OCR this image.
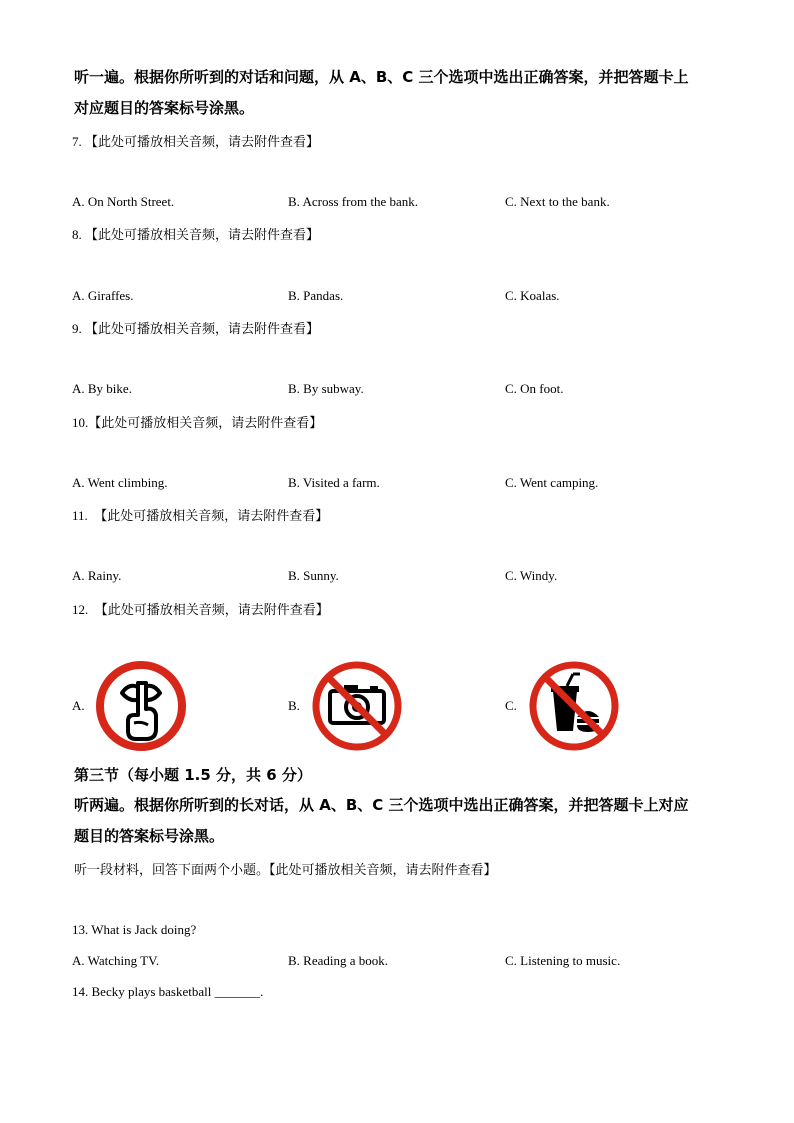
听一遍。根据你所听到的对话和问题，从 A、B、C 三个选项中选出正确答案，并把答题卡上
对应题目的答案标号涂黑。
7. 【此处可播放相关音频，请去附件查看】
A. On North Street.	B. Across from the bank.	C. Next to the bank.
8. 【此处可播放相关音频，请去附件查看】
A. Giraffes.	B. Pandas.	C. Koalas.
9. 【此处可播放相关音频，请去附件查看】
A. By bike.	B. By subway.	C. On foot.
10.【此处可播放相关音频，请去附件查看】
A. Went climbing.	B. Visited a farm.	C. Went camping.
11. 【此处可播放相关音频，请去附件查看】
A. Rainy.	B. Sunny.	C. Windy.
12. 【此处可播放相关音频，请去附件查看】
A.	B.	C.
第三节（每小题 1.5 分，共 6 分）
听两遍。根据你所听到的长对话，从 A、B、C 三个选项中选出正确答案，并把答题卡上对应
题目的答案标号涂黑。
听一段材料，回答下面两个小题。【此处可播放相关音频，请去附件查看】
13. What is Jack doing?
A. Watching TV.	B. Reading a book.	C. Listening to music.
14. Becky plays basketball _______.
